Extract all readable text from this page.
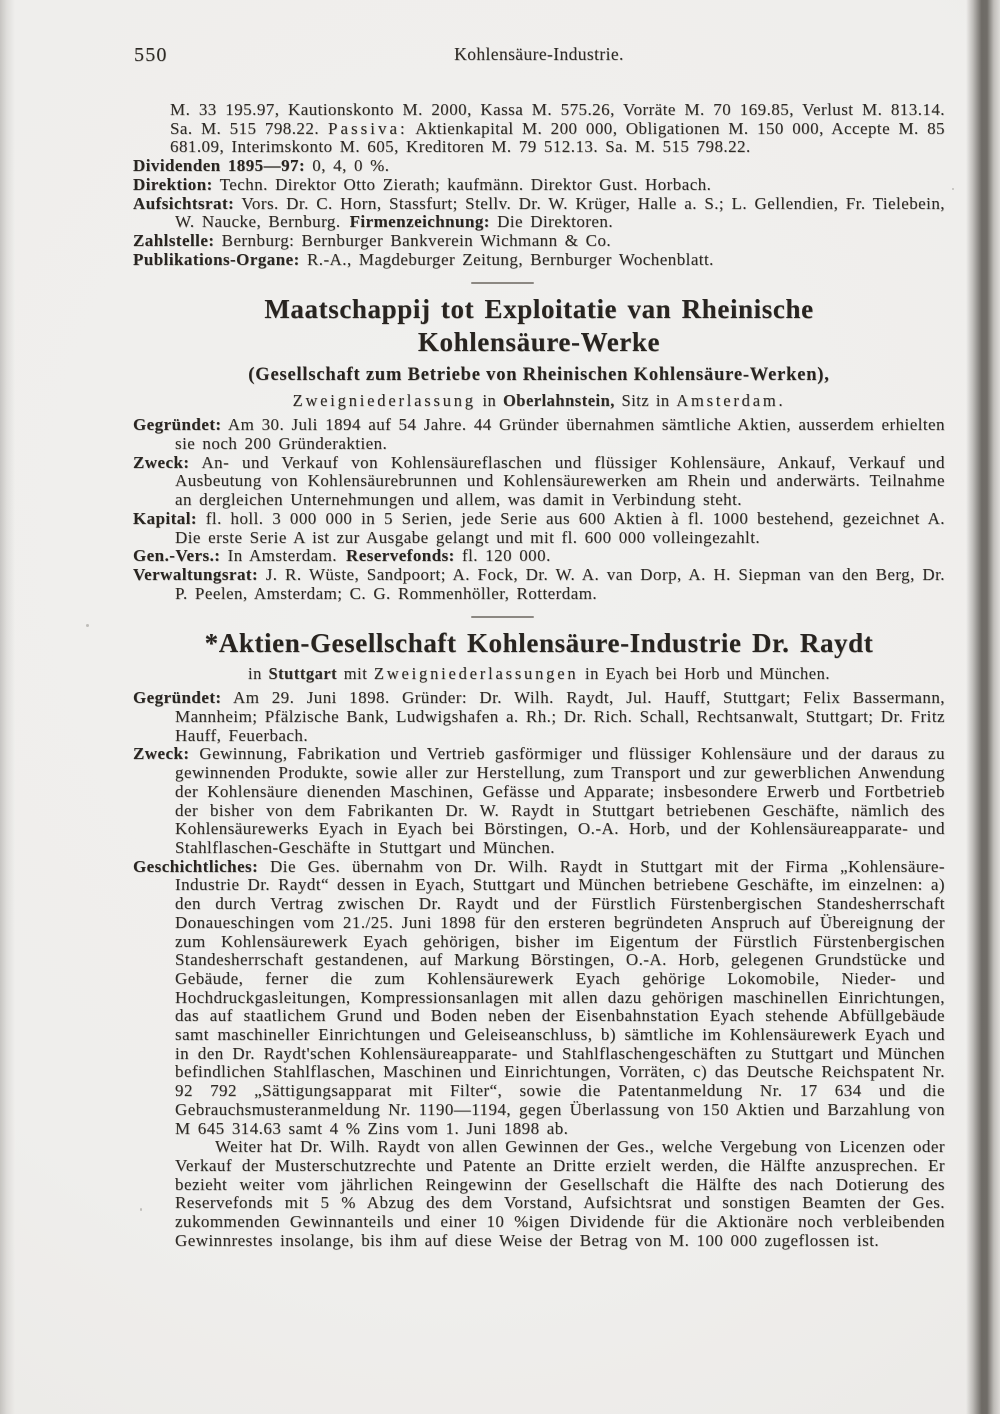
550	Kohlensäure-Industrie.

M. 33 195.97, Kautionskonto M. 2000, Kassa M. 575.26, Vorräte M. 70 169.85, Verlust M. 813.14. Sa. M. 515 798.22. Passiva: Aktienkapital M. 200 000, Obligationen M. 150 000, Accepte M. 85 681.09, Interimskonto M. 605, Kreditoren M. 79 512.13. Sa. M. 515 798.22.

Dividenden 1895—97: 0, 4, 0 %.

Direktion: Techn. Direktor Otto Zierath; kaufmänn. Direktor Gust. Horbach.

Aufsichtsrat: Vors. Dr. C. Horn, Stassfurt; Stellv. Dr. W. Krüger, Halle a. S.; L. Gellendien, Fr. Tielebein, W. Naucke, Bernburg. Firmenzeichnung: Die Direktoren.

Zahlstelle: Bernburg: Bernburger Bankverein Wichmann & Co.

Publikations-Organe: R.-A., Magdeburger Zeitung, Bernburger Wochenblatt.

Maatschappij tot Exploitatie van Rheinische
Kohlensäure-Werke
(Gesellschaft zum Betriebe von Rheinischen Kohlensäure-Werken),
Zweigniederlassung in Oberlahnstein, Sitz in Amsterdam.

Gegründet: Am 30. Juli 1894 auf 54 Jahre. 44 Gründer übernahmen sämtliche Aktien, ausserdem erhielten sie noch 200 Gründeraktien.

Zweck: An- und Verkauf von Kohlensäureflaschen und flüssiger Kohlensäure, Ankauf, Verkauf und Ausbeutung von Kohlensäurebrunnen und Kohlensäurewerken am Rhein und anderwärts. Teilnahme an dergleichen Unternehmungen und allem, was damit in Verbindung steht.

Kapital: fl. holl. 3 000 000 in 5 Serien, jede Serie aus 600 Aktien à fl. 1000 bestehend, gezeichnet A. Die erste Serie A ist zur Ausgabe gelangt und mit fl. 600 000 volleingezahlt.

Gen.-Vers.: In Amsterdam. Reservefonds: fl. 120 000.

Verwaltungsrat: J. R. Wüste, Sandpoort; A. Fock, Dr. W. A. van Dorp, A. H. Siepman van den Berg, Dr. P. Peelen, Amsterdam; C. G. Rommenhöller, Rotterdam.

*Aktien-Gesellschaft Kohlensäure-Industrie Dr. Raydt
in Stuttgart mit Zweigniederlassungen in Eyach bei Horb und München.

Gegründet: Am 29. Juni 1898. Gründer: Dr. Wilh. Raydt, Jul. Hauff, Stuttgart; Felix Bassermann, Mannheim; Pfälzische Bank, Ludwigshafen a. Rh.; Dr. Rich. Schall, Rechtsanwalt, Stuttgart; Dr. Fritz Hauff, Feuerbach.

Zweck: Gewinnung, Fabrikation und Vertrieb gasförmiger und flüssiger Kohlensäure und der daraus zu gewinnenden Produkte, sowie aller zur Herstellung, zum Transport und zur gewerblichen Anwendung der Kohlensäure dienenden Maschinen, Gefässe und Apparate; insbesondere Erwerb und Fortbetrieb der bisher von dem Fabrikanten Dr. W. Raydt in Stuttgart betriebenen Geschäfte, nämlich des Kohlensäurewerks Eyach in Eyach bei Börstingen, O.-A. Horb, und der Kohlensäureapparate- und Stahlflaschen-Geschäfte in Stuttgart und München.

Geschichtliches: Die Ges. übernahm von Dr. Wilh. Raydt in Stuttgart mit der Firma „Kohlensäure-Industrie Dr. Raydt“ dessen in Eyach, Stuttgart und München betriebene Geschäfte, im einzelnen: a) den durch Vertrag zwischen Dr. Raydt und der Fürstlich Fürstenbergischen Standesherrschaft Donaueschingen vom 21./25. Juni 1898 für den ersteren begründeten Anspruch auf Übereignung der zum Kohlensäurewerk Eyach gehörigen, bisher im Eigentum der Fürstlich Fürstenbergischen Standesherrschaft gestandenen, auf Markung Börstingen, O.-A. Horb, gelegenen Grundstücke und Gebäude, ferner die zum Kohlensäurewerk Eyach gehörige Lokomobile, Nieder- und Hochdruckgasleitungen, Kompressionsanlagen mit allen dazu gehörigen maschinellen Einrichtungen, das auf staatlichem Grund und Boden neben der Eisenbahnstation Eyach stehende Abfüllgebäude samt maschineller Einrichtungen und Geleiseanschluss, b) sämtliche im Kohlensäurewerk Eyach und in den Dr. Raydt'schen Kohlensäureapparate- und Stahlflaschengeschäften zu Stuttgart und München befindlichen Stahlflaschen, Maschinen und Einrichtungen, Vorräten, c) das Deutsche Reichspatent Nr. 92 792 „Sättigungsapparat mit Filter“, sowie die Patentanmeldung Nr. 17 634 und die Gebrauchsmusteranmeldung Nr. 1190—1194, gegen Überlassung von 150 Aktien und Barzahlung von M 645 314.63 samt 4 % Zins vom 1. Juni 1898 ab.

Weiter hat Dr. Wilh. Raydt von allen Gewinnen der Ges., welche Vergebung von Licenzen oder Verkauf der Musterschutzrechte und Patente an Dritte erzielt werden, die Hälfte anzusprechen. Er bezieht weiter vom jährlichen Reingewinn der Gesellschaft die Hälfte des nach Dotierung des Reservefonds mit 5 % Abzug des dem Vorstand, Aufsichtsrat und sonstigen Beamten der Ges. zukommenden Gewinnanteils und einer 10 %igen Dividende für die Aktionäre noch verbleibenden Gewinnrestes insolange, bis ihm auf diese Weise der Betrag von M. 100 000 zugeflossen ist.
